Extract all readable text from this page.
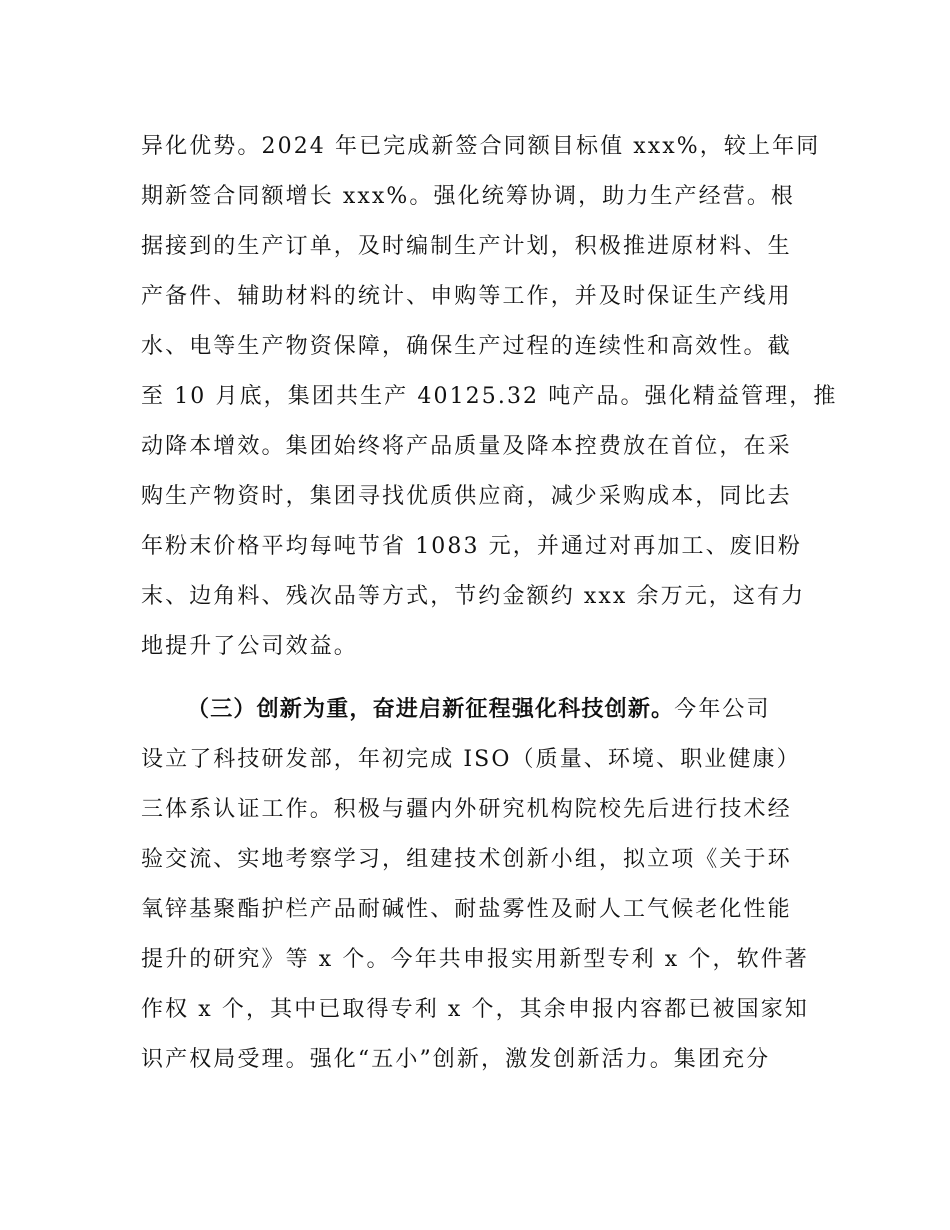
异化优势。2024 年已完成新签合同额目标值 xxx%，较上年同
期新签合同额增长 xxx%。强化统筹协调，助力生产经营。根
据接到的生产订单，及时编制生产计划，积极推进原材料、生
产备件、辅助材料的统计、申购等工作，并及时保证生产线用
水、电等生产物资保障，确保生产过程的连续性和高效性。截
至 10 月底，集团共生产 40125.32 吨产品。强化精益管理，推
动降本增效。集团始终将产品质量及降本控费放在首位，在采
购生产物资时，集团寻找优质供应商，减少采购成本，同比去
年粉末价格平均每吨节省 1083 元，并通过对再加工、废旧粉
末、边角料、残次品等方式，节约金额约 xxx 余万元，这有力
地提升了公司效益。
（三）创新为重，奋进启新征程强化科技创新。今年公司
设立了科技研发部，年初完成 ISO（质量、环境、职业健康）
三体系认证工作。积极与疆内外研究机构院校先后进行技术经
验交流、实地考察学习，组建技术创新小组，拟立项《关于环
氧锌基聚酯护栏产品耐碱性、耐盐雾性及耐人工气候老化性能
提升的研究》等 x 个。今年共申报实用新型专利 x 个，软件著
作权 x 个，其中已取得专利 x 个，其余申报内容都已被国家知
识产权局受理。强化“五小”创新，激发创新活力。集团充分
